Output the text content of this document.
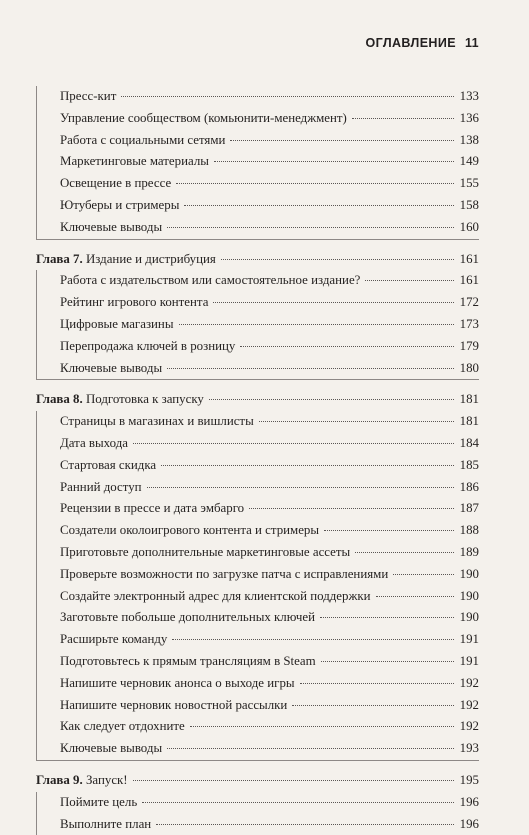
ОГЛАВЛЕНИЕ 11
Пресс-кит	133
Управление сообществом (комьюнити-менеджмент)	136
Работа с социальными сетями	138
Маркетинговые материалы	149
Освещение в прессе	155
Ютуберы и стримеры	158
Ключевые выводы	160
Глава 7. Издание и дистрибуция	161
Работа с издательством или самостоятельное издание?	161
Рейтинг игрового контента	172
Цифровые магазины	173
Перепродажа ключей в розницу	179
Ключевые выводы	180
Глава 8. Подготовка к запуску	181
Страницы в магазинах и вишлисты	181
Дата выхода	184
Стартовая скидка	185
Ранний доступ	186
Рецензии в прессе и дата эмбарго	187
Создатели околоигрового контента и стримеры	188
Приготовьте дополнительные маркетинговые ассеты	189
Проверьте возможности по загрузке патча с исправлениями	190
Создайте электронный адрес для клиентской поддержки	190
Заготовьте побольше дополнительных ключей	190
Расширьте команду	191
Подготовьтесь к прямым трансляциям в Steam	191
Напишите черновик анонса о выходе игры	192
Напишите черновик новостной рассылки	192
Как следует отдохните	192
Ключевые выводы	193
Глава 9. Запуск!	195
Поймите цель	196
Выполните план	196
